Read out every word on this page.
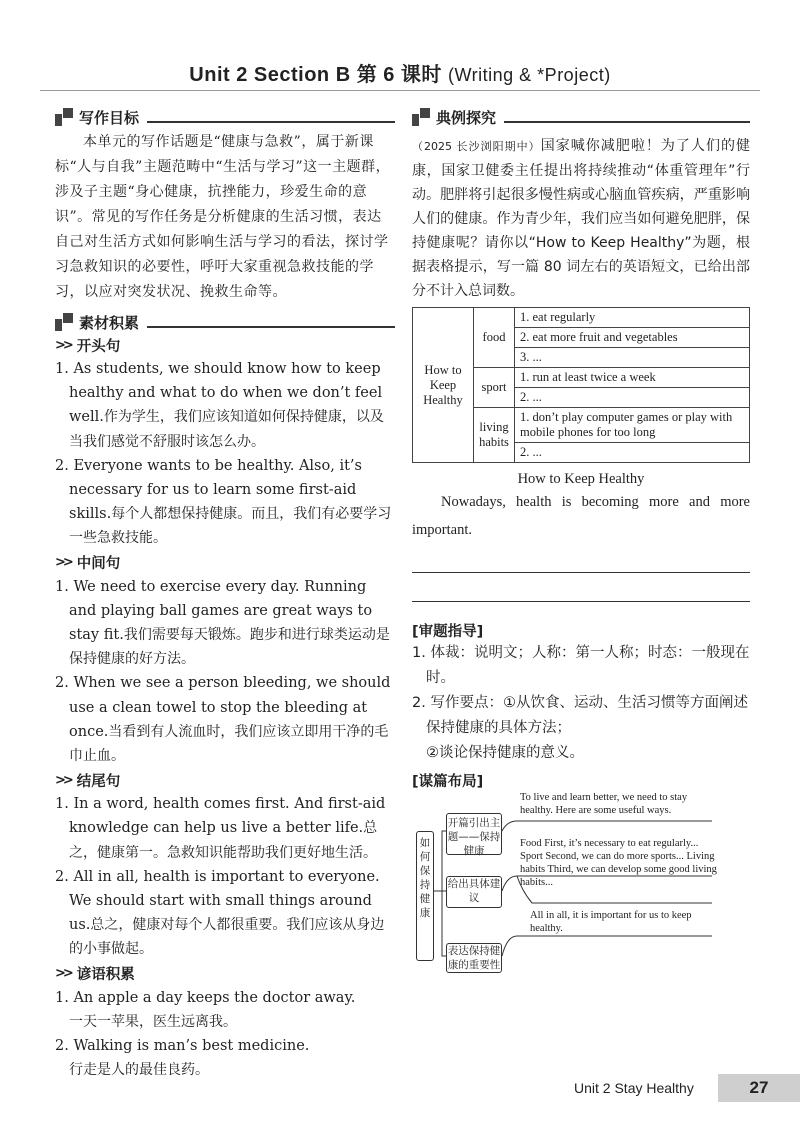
Unit 2 Section B 第 6 课时 (Writing & *Project)
写作目标
本单元的写作话题是“健康与急救”，属于新课标“人与自我”主题范畴中“生活与学习”这一主题群，涉及子主题“身心健康，抗挫能力，珍爱生命的意识”。常见的写作任务是分析健康的生活习惯，表达自己对生活方式如何影响生活与学习的看法，探讨学习急救知识的必要性，呼吁大家重视急救技能的学习，以应对突发状况、挽救生命等。
素材积累
>> 开头句
1. As students, we should know how to keep healthy and what to do when we don’t feel well.作为学生，我们应该知道如何保持健康，以及当我们感觉不舒服时该怎么办。
2. Everyone wants to be healthy. Also, it’s necessary for us to learn some first-aid skills.每个人都想保持健康。而且，我们有必要学习一些急救技能。
>> 中间句
1. We need to exercise every day. Running and playing ball games are great ways to stay fit.我们需要每天锻炼。跑步和进行球类运动是保持健康的好方法。
2. When we see a person bleeding, we should use a clean towel to stop the bleeding at once.当看到有人流血时，我们应该立即用干净的毛巾止血。
>> 结尾句
1. In a word, health comes first. And first-aid knowledge can help us live a better life.总之，健康第一。急救知识能帮助我们更好地生活。
2. All in all, health is important to everyone. We should start with small things around us.总之，健康对每个人都很重要。我们应该从身边的小事做起。
>> 谚语积累
1. An apple a day keeps the doctor away.
一天一苹果，医生远离我。
2. Walking is man’s best medicine.
行走是人的最佳良药。
典例探究
（2025 长沙浏阳期中）国家喊你减肥啦！为了人们的健康，国家卫健委主任提出将持续推动“体重管理年”行动。肥胖将引起很多慢性病或心脑血管疾病，严重影响人们的健康。作为青少年，我们应当如何避免肥胖，保持健康呢？请你以“How to Keep Healthy”为题，根据表格提示，写一篇 80 词左右的英语短文，已给出部分不计入总词数。
How to Keep Healthy	food	1. eat regularly
		2. eat more fruit and vegetables
		3. ...
	sport	1. run at least twice a week
		2. ...
	living habits	1. don’t play computer games or play with mobile phones for too long
		2. ...
How to Keep Healthy
Nowadays, health is becoming more and more important.
[审题指导]
1. 体裁：说明文；人称：第一人称；时态：一般现在时。
2. 写作要点：①从饮食、运动、生活习惯等方面阐述保持健康的具体方法；
②谈论保持健康的意义。
[谋篇布局]
如何保持健康
开篇引出主题——保持健康
给出具体建议
表达保持健康的重要性
To live and learn better, we need to stay healthy. Here are some useful ways.
Food First, it’s necessary to eat regularly... Sport Second, we can do more sports... Living habits Third, we can develop some good living habits...
All in all, it is important for us to keep healthy.
Unit 2 Stay Healthy	27
